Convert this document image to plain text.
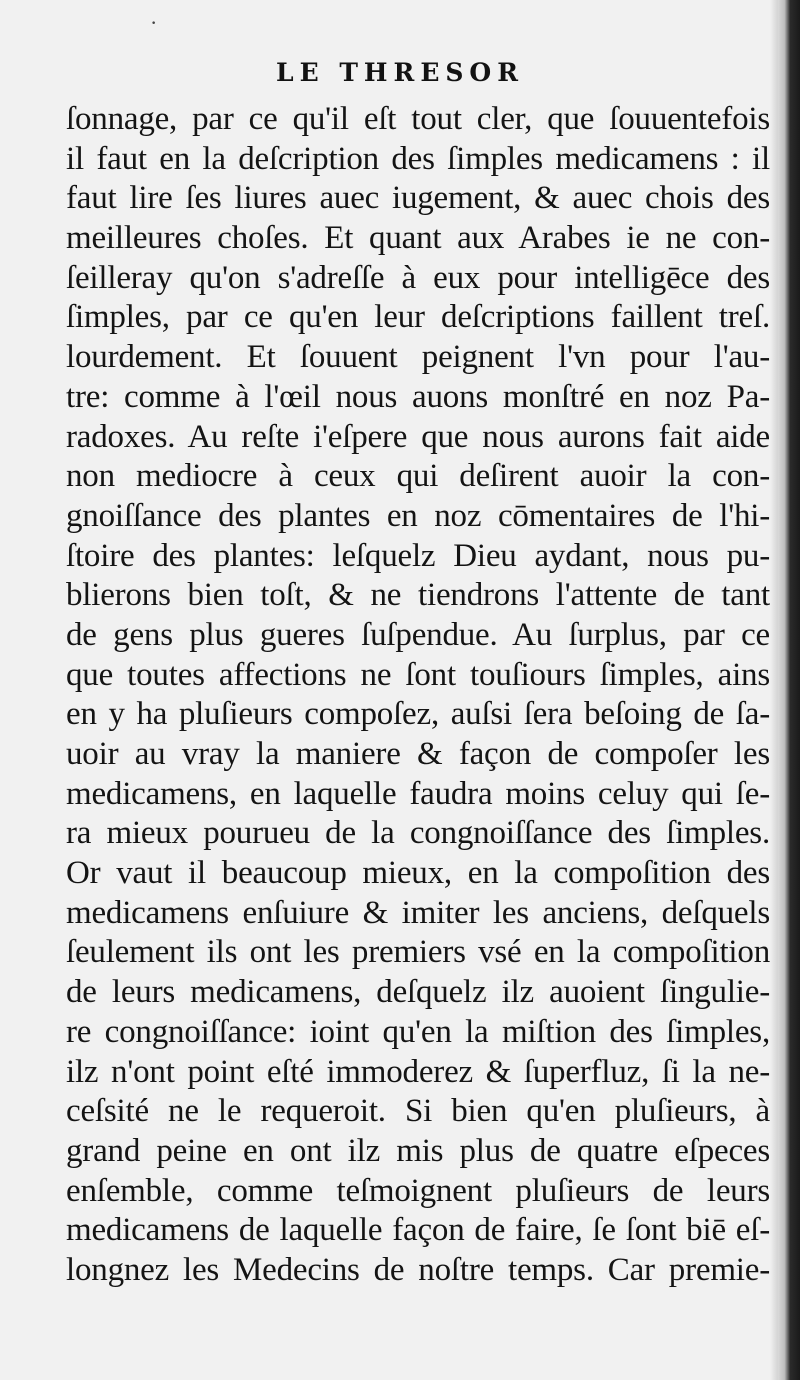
·
LE THRESOR
ſonnage, par ce qu'il eſt tout cler, que ſouuentefois
il faut en la deſcription des ſimples medicamens : il
faut lire ſes liures auec iugement, & auec chois des
meilleures choſes. Et quant aux Arabes ie ne con-
ſeilleray qu'on s'adreſſe à eux pour intelligēce des
ſimples, par ce qu'en leur deſcriptions faillent treſ.
lourdement. Et ſouuent peignent l'vn pour l'au-
tre: comme à l'œil nous auons monſtré en noz Pa-
radoxes. Au reſte i'eſpere que nous aurons fait aide
non mediocre à ceux qui deſirent auoir la con-
gnoiſſance des plantes en noz cōmentaires de l'hi-
ſtoire des plantes: leſquelz Dieu aydant, nous pu-
blierons bien toſt, & ne tiendrons l'attente de tant
de gens plus gueres ſuſpendue. Au ſurplus, par ce
que toutes affections ne ſont touſiours ſimples, ains
en y ha pluſieurs compoſez, auſsi ſera beſoing de ſa-
uoir au vray la maniere & façon de compoſer les
medicamens, en laquelle faudra moins celuy qui ſe-
ra mieux pourueu de la congnoiſſance des ſimples.
Or vaut il beaucoup mieux, en la compoſition des
medicamens enſuiure & imiter les anciens, deſquels
ſeulement ils ont les premiers vsé en la compoſition
de leurs medicamens, deſquelz ilz auoient ſingulie-
re congnoiſſance: ioint qu'en la miſtion des ſimples,
ilz n'ont point eſté immoderez & ſuperfluz, ſi la ne-
ceſsité ne le requeroit. Si bien qu'en pluſieurs, à
grand peine en ont ilz mis plus de quatre eſpeces
enſemble, comme teſmoignent pluſieurs de leurs
medicamens de laquelle façon de faire, ſe ſont biē eſ-
longnez les Medecins de noſtre temps. Car premie-
